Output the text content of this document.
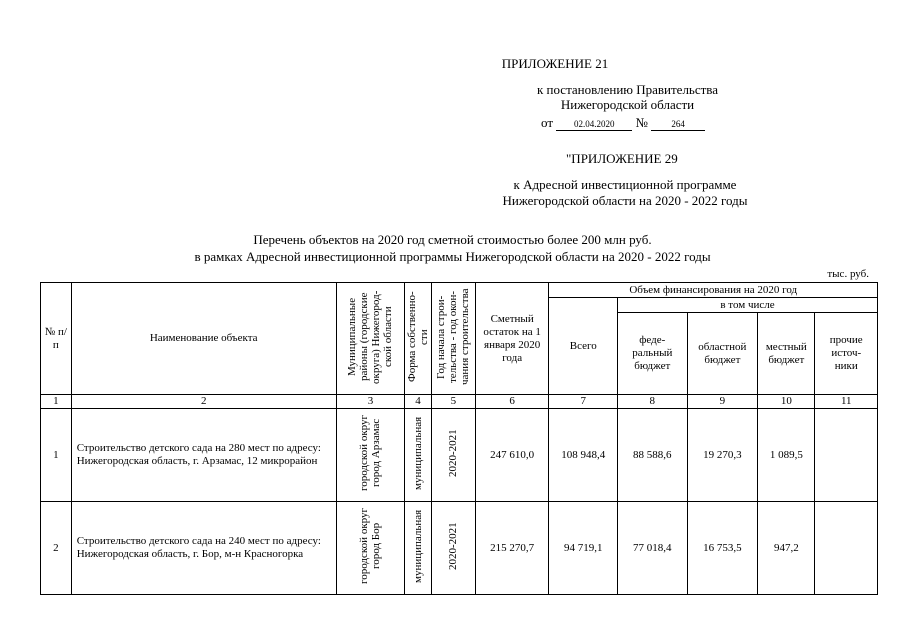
ПРИЛОЖЕНИЕ 21
к постановлению Правительства
Нижегородской области
от 02.04.2020 №	264
"ПРИЛОЖЕНИЕ 29
к Адресной инвестиционной программе
Нижегородской области на 2020 - 2022 годы
Перечень объектов на 2020 год сметной стоимостью более 200 млн руб.
в рамках Адресной инвестиционной программы Нижегородской области на 2020 - 2022 годы
тыс. руб.
№ п/п	Наименование объекта	Муниципальные районы (городские округа) Нижегород-ской области	Форма собственно-сти	Год начала строи-тельства - год окон-чания строительства	Сметный остаток на 1 января 2020 года	Объем финансирования на 2020 год				
						Всего	в том числе			
							феде-ральный бюджет	областной бюджет	местный бюджет	прочие источ-ники
1	2	3	4	5	6	7	8	9	10	11
1	Строительство детского сада на 280 мест по адресу: Нижегородская область, г. Арзамас, 12 микрорайон	городской округ город Арзамас	муниципальная	2020-2021	247 610,0	108 948,4	88 588,6	19 270,3	1 089,5	
2	Строительство детского сада на 240 мест по адресу: Нижегородская область, г. Бор, м-н Красногорка	городской округ город Бор	муниципальная	2020-2021	215 270,7	94 719,1	77 018,4	16 753,5	947,2	
